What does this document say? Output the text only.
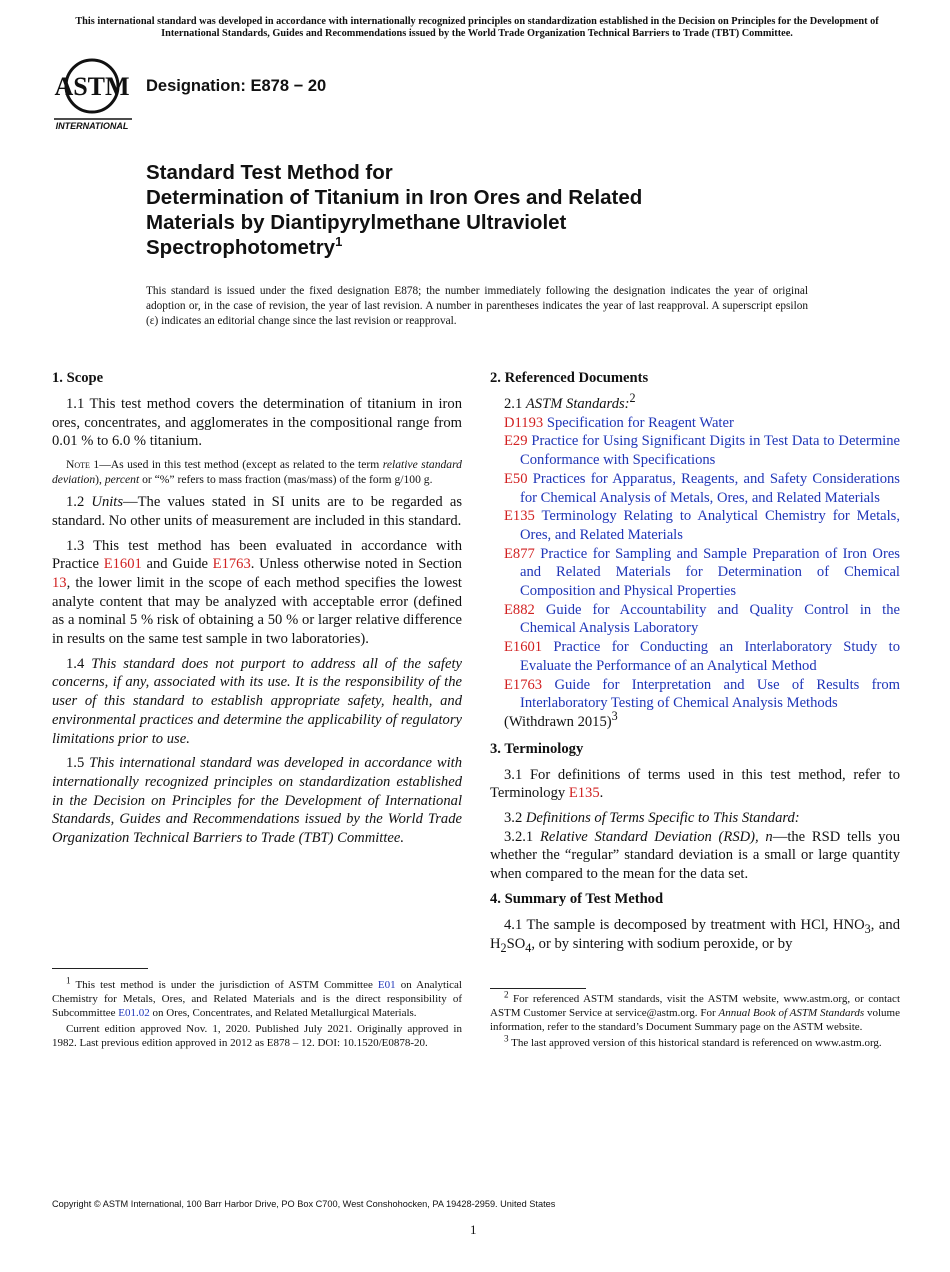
This international standard was developed in accordance with internationally recognized principles on standardization established in the Decision on Principles for the Development of International Standards, Guides and Recommendations issued by the World Trade Organization Technical Barriers to Trade (TBT) Committee.
ASTM
INTERNATIONAL
Designation: E878 − 20
Standard Test Method for
Determination of Titanium in Iron Ores and Related
Materials by Diantipyrylmethane Ultraviolet
Spectrophotometry$^1$
This standard is issued under the fixed designation E878; the number immediately following the designation indicates the year of original adoption or, in the case of revision, the year of last revision. A number in parentheses indicates the year of last reapproval. A superscript epsilon (ε) indicates an editorial change since the last revision or reapproval.
1. Scope

1.1 This test method covers the determination of titanium in iron ores, concentrates, and agglomerates in the compositional range from 0.01 % to 6.0 % titanium.

Note 1—As used in this test method (except as related to the term relative standard deviation), percent or “%” refers to mass fraction (mas/mass) of the form g/100 g.

1.2 Units—The values stated in SI units are to be regarded as standard. No other units of measurement are included in this standard.

1.3 This test method has been evaluated in accordance with Practice E1601 and Guide E1763. Unless otherwise noted in Section 13, the lower limit in the scope of each method specifies the lowest analyte content that may be analyzed with acceptable error (defined as a nominal 5 % risk of obtaining a 50 % or larger relative difference in results on the same test sample in two laboratories).

1.4 This standard does not purport to address all of the safety concerns, if any, associated with its use. It is the responsibility of the user of this standard to establish appropriate safety, health, and environmental practices and determine the applicability of regulatory limitations prior to use.

1.5 This international standard was developed in accordance with internationally recognized principles on standardization established in the Decision on Principles for the Development of International Standards, Guides and Recommendations issued by the World Trade Organization Technical Barriers to Trade (TBT) Committee.

$^1$ This test method is under the jurisdiction of ASTM Committee E01 on Analytical Chemistry for Metals, Ores, and Related Materials and is the direct responsibility of Subcommittee E01.02 on Ores, Concentrates, and Related Metallurgical Materials.

Current edition approved Nov. 1, 2020. Published July 2021. Originally approved in 1982. Last previous edition approved in 2012 as E878 – 12. DOI: 10.1520/E0878-20.

2. Referenced Documents

2.1 ASTM Standards:$^2$

D1193 Specification for Reagent Water

E29 Practice for Using Significant Digits in Test Data to Determine Conformance with Specifications

E50 Practices for Apparatus, Reagents, and Safety Considerations for Chemical Analysis of Metals, Ores, and Related Materials

E135 Terminology Relating to Analytical Chemistry for Metals, Ores, and Related Materials

E877 Practice for Sampling and Sample Preparation of Iron Ores and Related Materials for Determination of Chemical Composition and Physical Properties

E882 Guide for Accountability and Quality Control in the Chemical Analysis Laboratory

E1601 Practice for Conducting an Interlaboratory Study to Evaluate the Performance of an Analytical Method

E1763 Guide for Interpretation and Use of Results from Interlaboratory Testing of Chemical Analysis Methods

(Withdrawn 2015)$^3$

3. Terminology

3.1 For definitions of terms used in this test method, refer to Terminology E135.

3.2 Definitions of Terms Specific to This Standard:

3.2.1 Relative Standard Deviation (RSD), n—the RSD tells you whether the “regular” standard deviation is a small or large quantity when compared to the mean for the data set.

4. Summary of Test Method

4.1 The sample is decomposed by treatment with HCl, $HNO_3$, and $H_2SO_4$, or by sintering with sodium peroxide, or by

$^2$ For referenced ASTM standards, visit the ASTM website, www.astm.org, or contact ASTM Customer Service at service@astm.org. For Annual Book of ASTM Standards volume information, refer to the standard’s Document Summary page on the ASTM website.

$^3$ The last approved version of this historical standard is referenced on www.astm.org.

Copyright © ASTM International, 100 Barr Harbor Drive, PO Box C700, West Conshohocken, PA 19428-2959. United States
1
